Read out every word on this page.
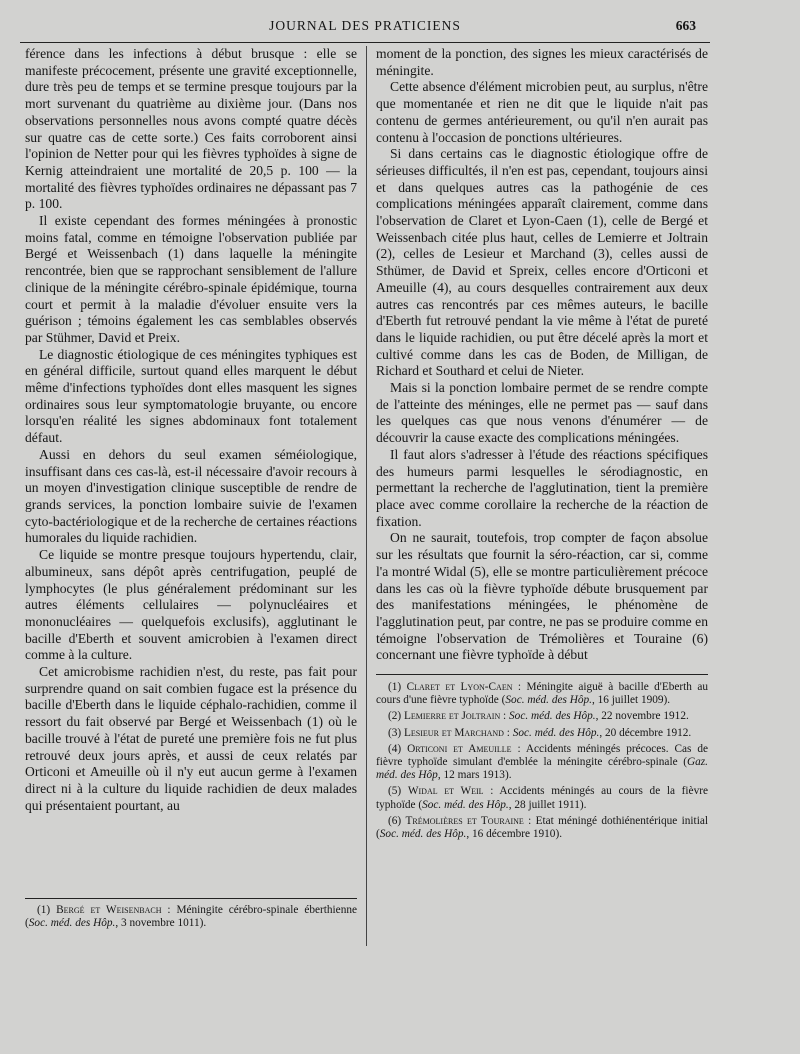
JOURNAL DES PRATICIENS	663

férence dans les infections à début brusque : elle se manifeste précocement, présente une gravité exceptionnelle, dure très peu de temps et se termine presque toujours par la mort survenant du quatrième au dixième jour. (Dans nos observations personnelles nous avons compté quatre décès sur quatre cas de cette sorte.) Ces faits corroborent ainsi l'opinion de Netter pour qui les fièvres typhoïdes à signe de Kernig atteindraient une mortalité de 20,5 p. 100 — la mortalité des fièvres typhoïdes ordinaires ne dépassant pas 7 p. 100.

Il existe cependant des formes méningées à pronostic moins fatal, comme en témoigne l'observation publiée par Bergé et Weissenbach (1) dans laquelle la méningite rencontrée, bien que se rapprochant sensiblement de l'allure clinique de la méningite cérébro-spinale épidémique, tourna court et permit à la maladie d'évoluer ensuite vers la guérison ; témoins également les cas semblables observés par Stühmer, David et Preix.

Le diagnostic étiologique de ces méningites typhiques est en général difficile, surtout quand elles marquent le début même d'infections typhoïdes dont elles masquent les signes ordinaires sous leur symptomatologie bruyante, ou encore lorsqu'en réalité les signes abdominaux font totalement défaut.

Aussi en dehors du seul examen séméiologique, insuffisant dans ces cas-là, est-il nécessaire d'avoir recours à un moyen d'investigation clinique susceptible de rendre de grands services, la ponction lombaire suivie de l'examen cyto-bactériologique et de la recherche de certaines réactions humorales du liquide rachidien.

Ce liquide se montre presque toujours hypertendu, clair, albumineux, sans dépôt après centrifugation, peuplé de lymphocytes (le plus généralement prédominant sur les autres éléments cellulaires — polynucléaires et mononucléaires — quelquefois exclusifs), agglutinant le bacille d'Eberth et souvent amicrobien à l'examen direct comme à la culture.

Cet amicrobisme rachidien n'est, du reste, pas fait pour surprendre quand on sait combien fugace est la présence du bacille d'Eberth dans le liquide céphalo-rachidien, comme il ressort du fait observé par Bergé et Weissenbach (1) où le bacille trouvé à l'état de pureté une première fois ne fut plus retrouvé deux jours après, et aussi de ceux relatés par Orticoni et Ameuille où il n'y eut aucun germe à l'examen direct ni à la culture du liquide rachidien de deux malades qui présentaient pourtant, au

(1) Bergé et Weisenbach : Méningite cérébro-spinale éberthienne (Soc. méd. des Hôp., 3 novembre 1011).

moment de la ponction, des signes les mieux caractérisés de méningite.

Cette absence d'élément microbien peut, au surplus, n'être que momentanée et rien ne dit que le liquide n'ait pas contenu de germes antérieurement, ou qu'il n'en aurait pas contenu à l'occasion de ponctions ultérieures.

Si dans certains cas le diagnostic étiologique offre de sérieuses difficultés, il n'en est pas, cependant, toujours ainsi et dans quelques autres cas la pathogénie de ces complications méningées apparaît clairement, comme dans l'observation de Claret et Lyon-Caen (1), celle de Bergé et Weissenbach citée plus haut, celles de Lemierre et Joltrain (2), celles de Lesieur et Marchand (3), celles aussi de Sthümer, de David et Spreix, celles encore d'Orticoni et Ameuille (4), au cours desquelles contrairement aux deux autres cas rencontrés par ces mêmes auteurs, le bacille d'Eberth fut retrouvé pendant la vie même à l'état de pureté dans le liquide rachidien, ou put être décelé après la mort et cultivé comme dans les cas de Boden, de Milligan, de Richard et Southard et celui de Nieter.

Mais si la ponction lombaire permet de se rendre compte de l'atteinte des méninges, elle ne permet pas — sauf dans les quelques cas que nous venons d'énumérer — de découvrir la cause exacte des complications méningées.

Il faut alors s'adresser à l'étude des réactions spécifiques des humeurs parmi lesquelles le sérodiagnostic, en permettant la recherche de l'agglutination, tient la première place avec comme corollaire la recherche de la réaction de fixation.

On ne saurait, toutefois, trop compter de façon absolue sur les résultats que fournit la séro-réaction, car si, comme l'a montré Widal (5), elle se montre particulièrement précoce dans les cas où la fièvre typhoïde débute brusquement par des manifestations méningées, le phénomène de l'agglutination peut, par contre, ne pas se produire comme en témoigne l'observation de Trémolières et Touraine (6) concernant une fièvre typhoïde à début

(1) Claret et Lyon-Caen : Méningite aiguë à bacille d'Eberth au cours d'une fièvre typhoïde (Soc. méd. des Hôp., 16 juillet 1909).

(2) Lemierre et Joltrain : Soc. méd. des Hôp., 22 novembre 1912.

(3) Lesieur et Marchand : Soc. méd. des Hôp., 20 décembre 1912.

(4) Orticoni et Ameuille : Accidents méningés précoces. Cas de fièvre typhoïde simulant d'emblée la méningite cérébro-spinale (Gaz. méd. des Hôp, 12 mars 1913).

(5) Widal et Weil : Accidents méningés au cours de la fièvre typhoïde (Soc. méd. des Hôp., 28 juillet 1911).

(6) Trémolières et Touraine : Etat méningé dothiénentérique initial (Soc. méd. des Hôp., 16 décembre 1910).
